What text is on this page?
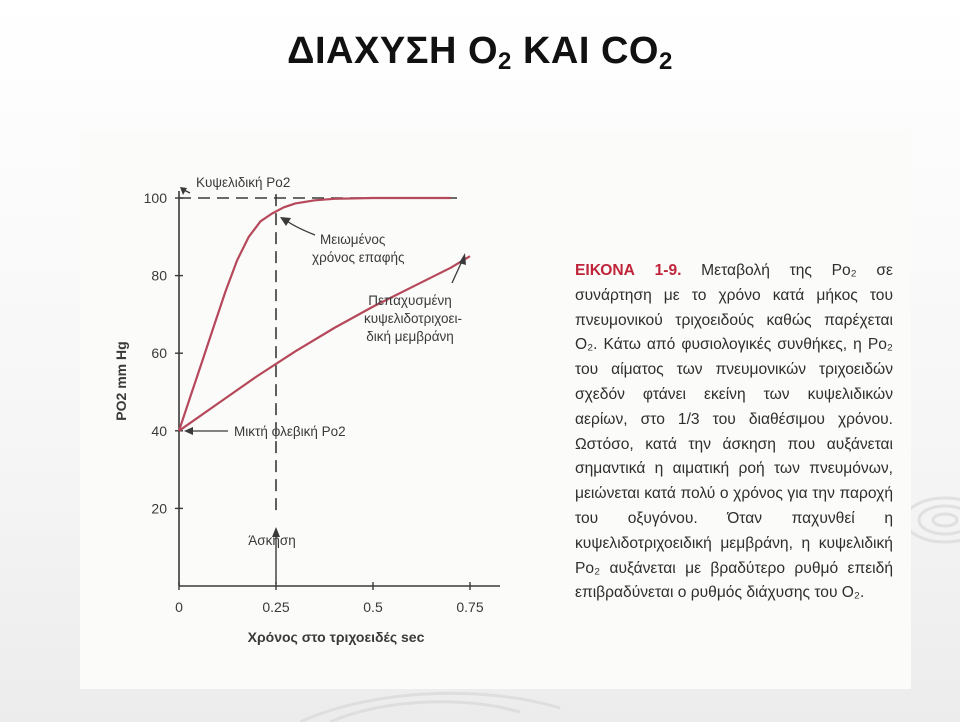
ΔΙΑΧΥΣΗ $O_2$ ΚΑΙ $CO_2$
20
40
60
80
100
0	0.25	0.5	0.75
Χρόνος στο τριχοειδές sec
PO2 mm Hg
Κυψελιδική Po2
Άσκηση
Μειωμένος
χρόνος επαφής
Πεπαχυσμένη
κυψελιδοτριχοει-
δική μεμβράνη
Μικτή φλεβική Po2
ΕΙΚΟΝΑ 1-9. Μεταβολή της Po₂ σε συνάρτηση με το χρόνο κατά μήκος του πνευμονικού τριχοειδούς καθώς παρέχεται O₂. Κάτω από φυσιολογικές συνθήκες, η Po₂ του αίματος των πνευμονικών τριχοειδών σχεδόν φτάνει εκείνη των κυψελιδικών αερίων, στο 1/3 του διαθέσιμου χρόνου. Ωστόσο, κατά την άσκηση που αυξάνεται σημαντικά η αιματική ροή των πνευμόνων, μειώνεται κατά πολύ ο χρόνος για την παροχή του οξυγόνου. Όταν παχυνθεί η κυψελιδοτριχοειδική μεμβράνη, η κυψελιδική Po₂ αυξάνεται με βραδύτερο ρυθμό επειδή επιβραδύνεται ο ρυθμός διάχυσης του O₂.
